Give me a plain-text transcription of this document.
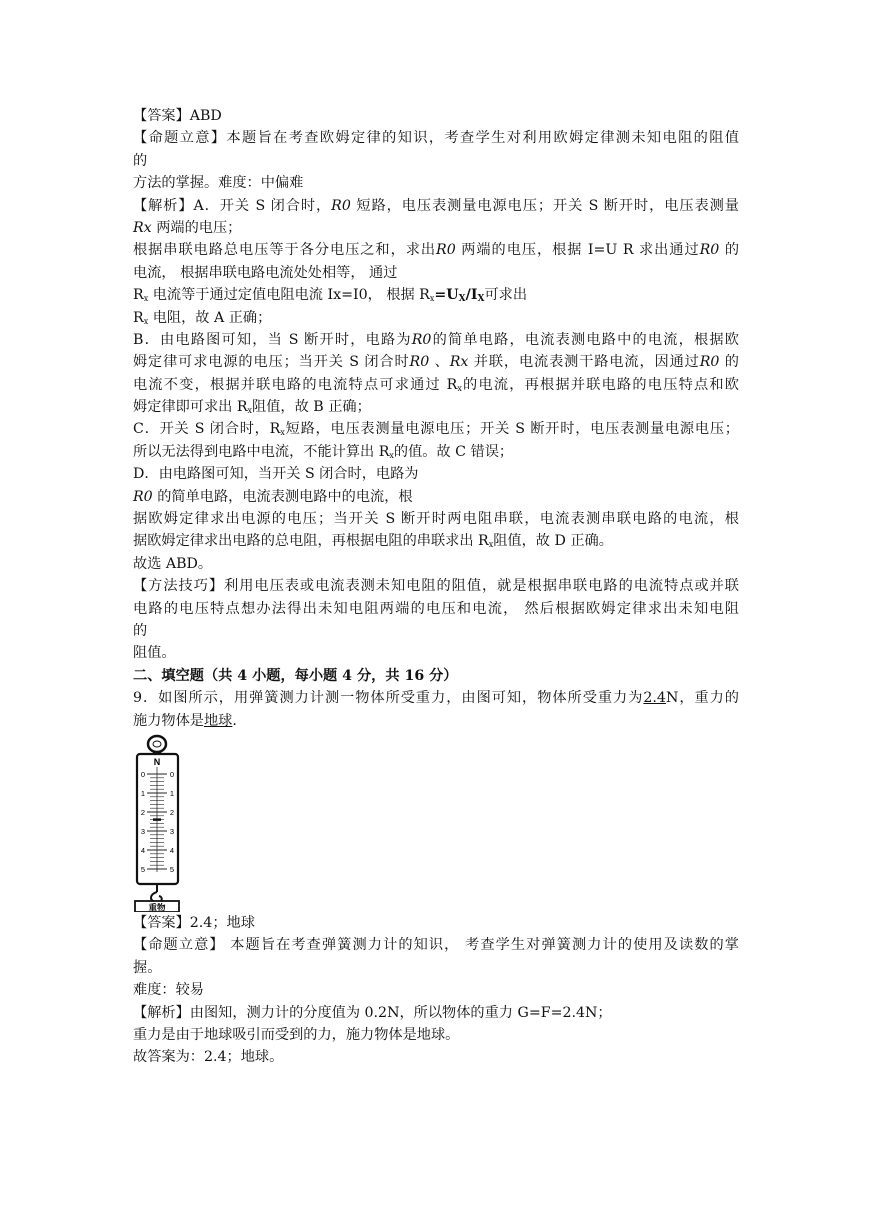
【答案】ABD
【命题立意】本题旨在考查欧姆定律的知识，考查学生对利用欧姆定律测未知电阻的阻值
的
方法的掌握。难度：中偏难
【解析】A．开关 S 闭合时，R0 短路，电压表测量电源电压；开关 S 断开时，电压表测量
Rx 两端的电压；
根据串联电路总电压等于各分电压之和，求出R0 两端的电压，根据 I=U R 求出通过R0 的
电流， 根据串联电路电流处处相等， 通过
$R_x$ 电流等于通过定值电阻电流 Ix=I0， 根据 $R_x=UX/IX$可求出
$R_x$ 电阻，故 A 正确；
B．由电路图可知，当 S 断开时，电路为R0的简单电路，电流表测电路中的电流，根据欧
姆定律可求电源的电压；当开关 S 闭合时R0 、Rx 并联，电流表测干路电流，因通过R0 的
电流不变，根据并联电路的电流特点可求通过 $R_x$的电流，再根据并联电路的电压特点和欧
姆定律即可求出 $R_x$阻值，故 B 正确；
C．开关 S 闭合时，$R_x$短路，电压表测量电源电压；开关 S 断开时，电压表测量电源电压；
所以无法得到电路中电流，不能计算出 $R_x$的值。故 C 错误；
D．由电路图可知，当开关 S 闭合时，电路为
R0 的简单电路，电流表测电路中的电流，根
据欧姆定律求出电源的电压；当开关 S 断开时两电阻串联，电流表测串联电路的电流，根
据欧姆定律求出电路的总电阻，再根据电阻的串联求出 $R_x$阻值，故 D 正确。
故选 ABD。
【方法技巧】利用电压表或电流表测未知电阻的阻值，就是根据串联电路的电流特点或并联
电路的电压特点想办法得出未知电阻两端的电压和电流， 然后根据欧姆定律求出未知电阻
的
阻值。
二、填空题（共 4 小题，每小题 4 分，共 16 分）
9．如图所示，用弹簧测力计测一物体所受重力，由图可知，物体所受重力为2.4N，重力的
施力物体是地球.
N
0
1
2
3
4
5
0
1
2
3
4
5
重物
【答案】2.4；地球
【命题立意】 本题旨在考查弹簧测力计的知识， 考查学生对弹簧测力计的使用及读数的掌
握。
难度：较易
【解析】由图知，测力计的分度值为 0.2N，所以物体的重力 G=F=2.4N；
重力是由于地球吸引而受到的力，施力物体是地球。
故答案为：2.4；地球。
